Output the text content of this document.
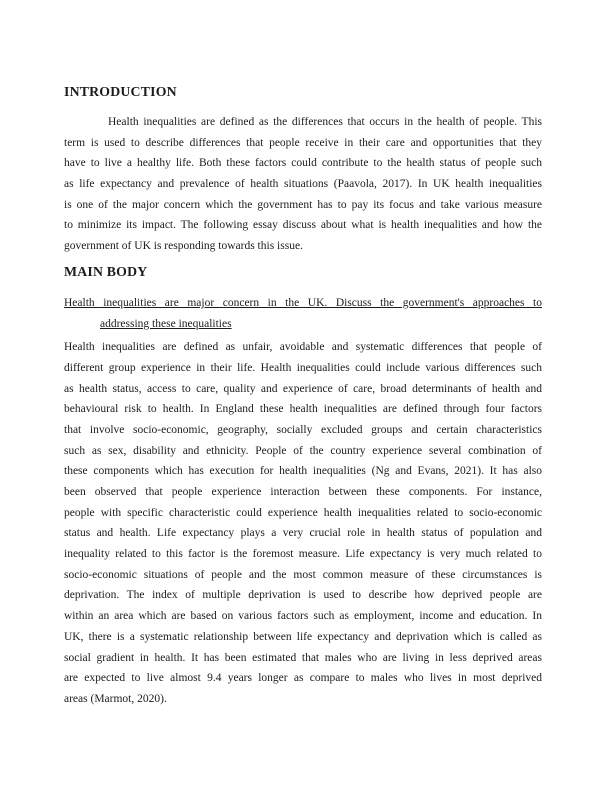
INTRODUCTION
Health inequalities are defined as the differences that occurs in the health of people. This
term is used to describe differences that people receive in their care and opportunities that they
have to live a healthy life. Both these factors could contribute to the health status of people such
as life expectancy and prevalence of health situations (Paavola, 2017). In UK health inequalities
is one of the major concern which the government has to pay its focus and take various measure
to minimize its impact. The following essay discuss about what is health inequalities and how the
government of UK is responding towards this issue.
MAIN BODY
Health inequalities are major concern in the UK. Discuss the government's approaches to
addressing these inequalities
Health inequalities are defined as unfair, avoidable and systematic differences that people of
different group experience in their life. Health inequalities could include various differences such
as health status, access to care, quality and experience of care, broad determinants of health and
behavioural risk to health. In England these health inequalities are defined through four factors
that involve socio-economic, geography, socially excluded groups and certain characteristics
such as sex, disability and ethnicity. People of the country experience several combination of
these components which has execution for health inequalities (Ng and Evans, 2021). It has also
been observed that people experience interaction between these components. For instance,
people with specific characteristic could experience health inequalities related to socio-economic
status and health. Life expectancy plays a very crucial role in health status of population and
inequality related to this factor is the foremost measure. Life expectancy is very much related to
socio-economic situations of people and the most common measure of these circumstances is
deprivation. The index of multiple deprivation is used to describe how deprived people are
within an area which are based on various factors such as employment, income and education. In
UK, there is a systematic relationship between life expectancy and deprivation which is called as
social gradient in health. It has been estimated that males who are living in less deprived areas
are expected to live almost 9.4 years longer as compare to males who lives in most deprived
areas (Marmot, 2020).
